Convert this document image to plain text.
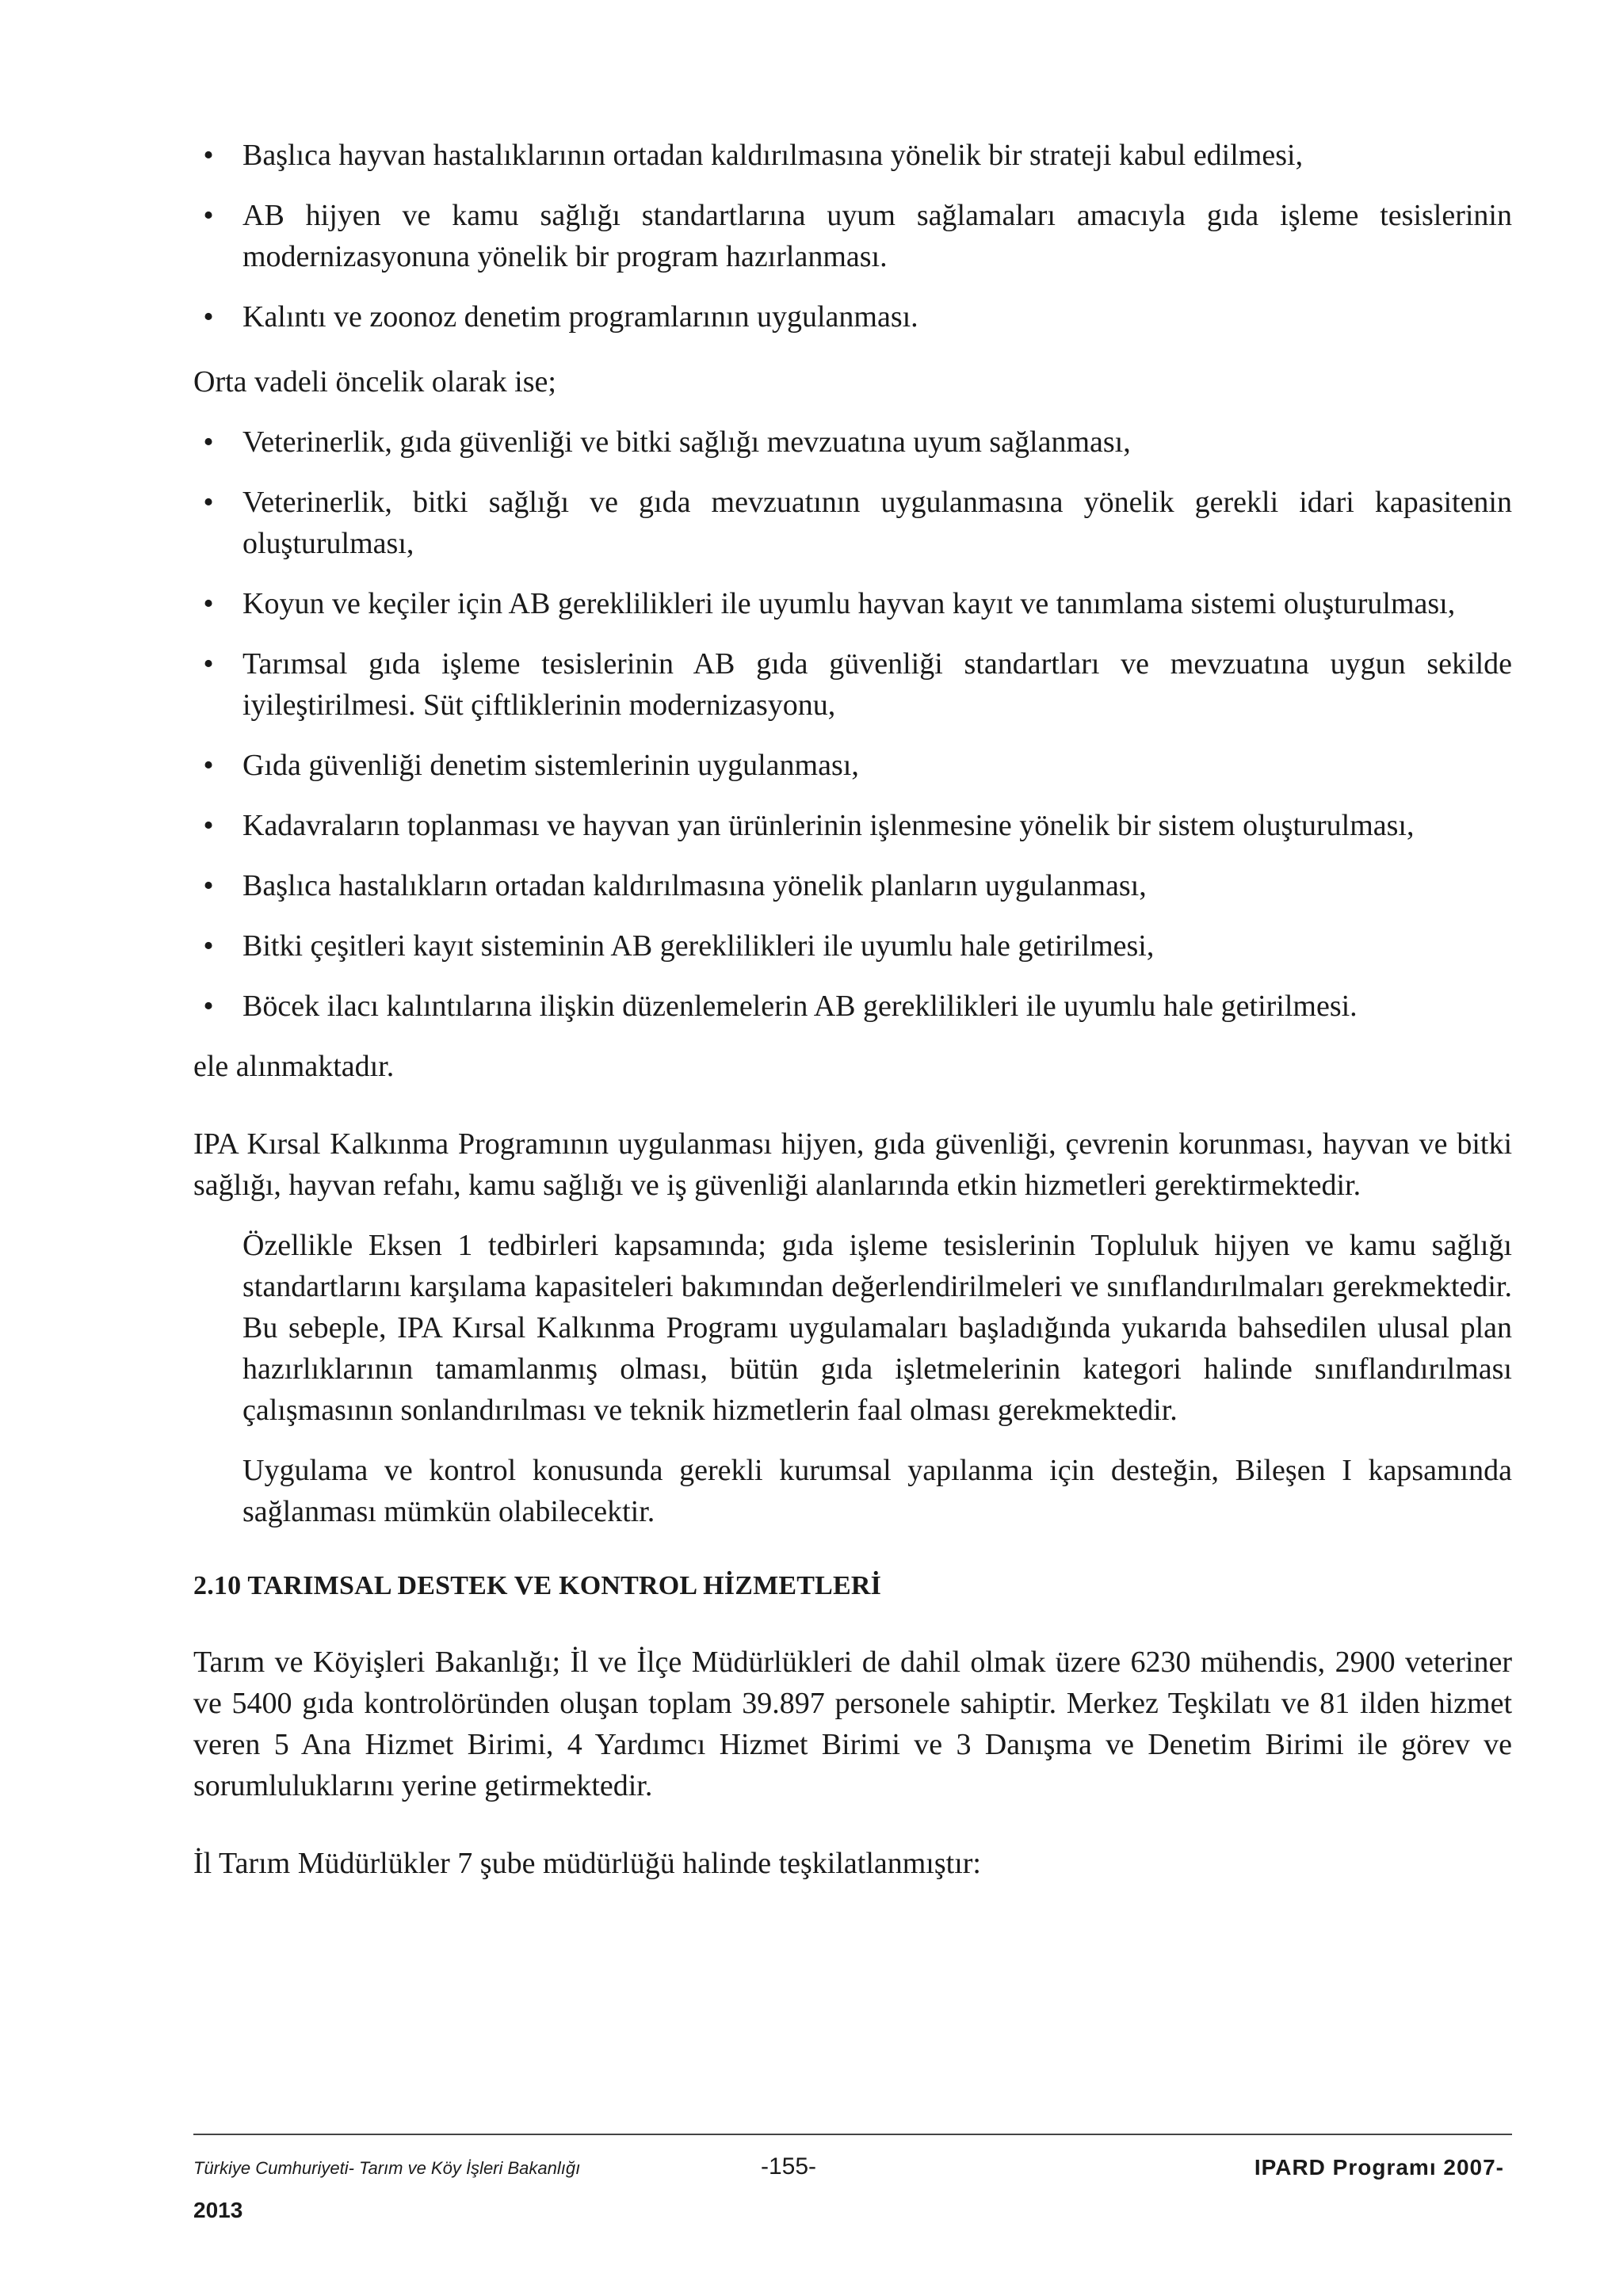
• Başlıca hayvan hastalıklarının ortadan kaldırılmasına yönelik bir strateji kabul edilmesi,
• AB hijyen ve kamu sağlığı standartlarına uyum sağlamaları amacıyla gıda işleme tesislerinin modernizasyonuna yönelik bir program hazırlanması.
• Kalıntı ve zoonoz denetim programlarının uygulanması.

Orta vadeli öncelik olarak ise;

• Veterinerlik, gıda güvenliği ve bitki sağlığı mevzuatına uyum sağlanması,
• Veterinerlik, bitki sağlığı ve gıda mevzuatının uygulanmasına yönelik gerekli idari kapasitenin oluşturulması,
• Koyun ve keçiler için AB gereklilikleri ile uyumlu hayvan kayıt ve tanımlama sistemi oluşturulması,
• Tarımsal gıda işleme tesislerinin AB gıda güvenliği standartları ve mevzuatına uygun sekilde iyileştirilmesi. Süt çiftliklerinin modernizasyonu,
• Gıda güvenliği denetim sistemlerinin uygulanması,
• Kadavraların toplanması ve hayvan yan ürünlerinin işlenmesine yönelik bir sistem oluşturulması,
• Başlıca hastalıkların ortadan kaldırılmasına yönelik planların uygulanması,
• Bitki çeşitleri kayıt sisteminin AB gereklilikleri ile uyumlu hale getirilmesi,
• Böcek ilacı kalıntılarına ilişkin düzenlemelerin AB gereklilikleri ile uyumlu hale getirilmesi.

ele alınmaktadır.

IPA Kırsal Kalkınma Programının uygulanması hijyen, gıda güvenliği, çevrenin korunması, hayvan ve bitki sağlığı, hayvan refahı, kamu sağlığı ve iş güvenliği alanlarında etkin hizmetleri gerektirmektedir.

Özellikle Eksen 1 tedbirleri kapsamında; gıda işleme tesislerinin Topluluk hijyen ve kamu sağlığı standartlarını karşılama kapasiteleri bakımından değerlendirilmeleri ve sınıflandırılmaları gerekmektedir. Bu sebeple, IPA Kırsal Kalkınma Programı uygulamaları başladığında yukarıda bahsedilen ulusal plan hazırlıklarının tamamlanmış olması, bütün gıda işletmelerinin kategori halinde sınıflandırılması çalışmasının sonlandırılması ve teknik hizmetlerin faal olması gerekmektedir.

Uygulama ve kontrol konusunda gerekli kurumsal yapılanma için desteğin, Bileşen I kapsamında sağlanması mümkün olabilecektir.

2.10 TARIMSAL DESTEK VE KONTROL HİZMETLERİ

Tarım ve Köyişleri Bakanlığı; İl ve İlçe Müdürlükleri de dahil olmak üzere 6230 mühendis, 2900 veteriner ve 5400 gıda kontrolöründen oluşan toplam 39.897 personele sahiptir. Merkez Teşkilatı ve 81 ilden hizmet veren 5 Ana Hizmet Birimi, 4 Yardımcı Hizmet Birimi ve 3 Danışma ve Denetim Birimi ile görev ve sorumluluklarını yerine getirmektedir.

İl Tarım Müdürlükler 7 şube müdürlüğü halinde teşkilatlanmıştır:

Türkiye Cumhuriyeti- Tarım ve Köy İşleri Bakanlığı	-155-	IPARD Programı 2007-
2013
